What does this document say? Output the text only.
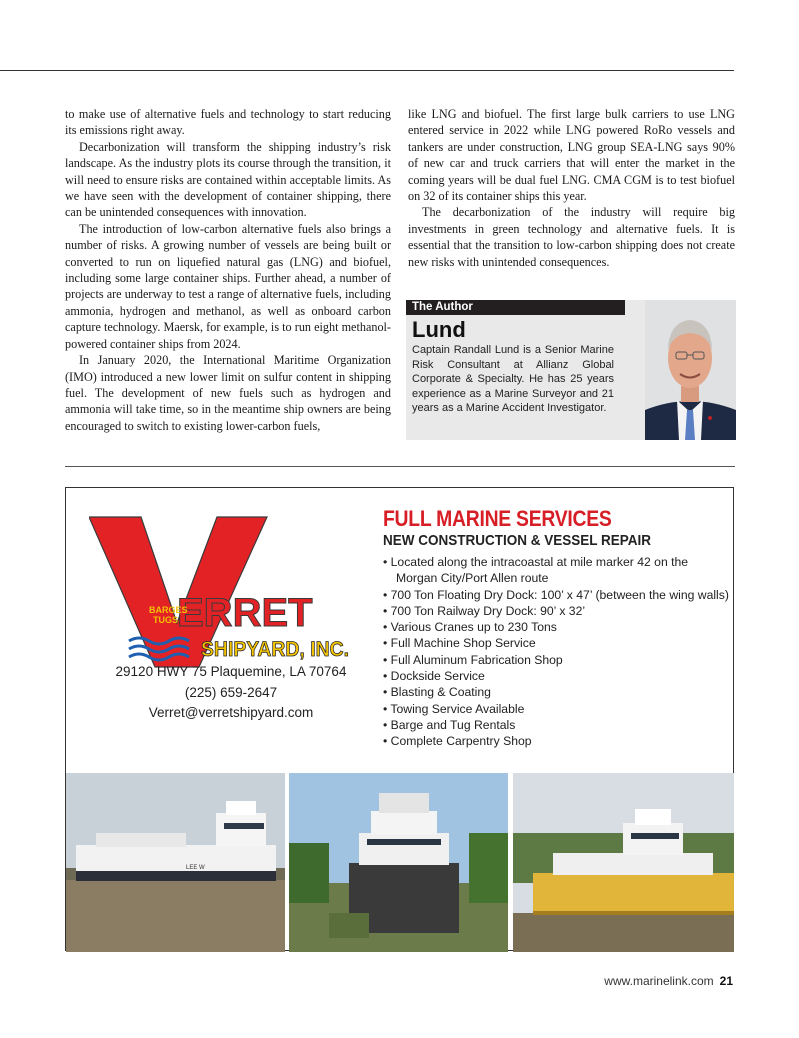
to make use of alternative fuels and technology to start reducing its emissions right away.

Decarbonization will transform the shipping industry’s risk landscape. As the industry plots its course through the transition, it will need to ensure risks are contained within acceptable limits. As we have seen with the development of container shipping, there can be unintended consequences with innovation.

The introduction of low-carbon alternative fuels also brings a number of risks. A growing number of vessels are being built or converted to run on liquefied natural gas (LNG) and biofuel, including some large container ships. Further ahead, a number of projects are underway to test a range of alternative fuels, including ammonia, hydrogen and methanol, as well as onboard carbon capture technology. Maersk, for example, is to run eight methanol-powered container ships from 2024.

In January 2020, the International Maritime Organization (IMO) introduced a new lower limit on sulfur content in shipping fuel. The development of new fuels such as hydrogen and ammonia will take time, so in the meantime ship owners are being encouraged to switch to existing lower-carbon fuels,

like LNG and biofuel. The first large bulk carriers to use LNG entered service in 2022 while LNG powered RoRo vessels and tankers are under construction, LNG group SEA-LNG says 90% of new car and truck carriers that will enter the market in the coming years will be dual fuel LNG. CMA CGM is to test biofuel on 32 of its container ships this year.

The decarbonization of the industry will require big investments in green technology and alternative fuels. It is essential that the transition to low-carbon shipping does not create new risks with unintended consequences.

The Author
Lund
Captain Randall Lund is a Senior Marine Risk Consultant at Allianz Global Corporate & Specialty. He has 25 years experience as a Marine Surveyor and 21 years as a Marine Accident Investigator.
ERRET
BARGES
TUGS
SHIPYARD, INC.
29120 HWY 75 Plaquemine, LA 70764
(225) 659-2647
Verret@verretshipyard.com
FULL MARINE SERVICES
NEW CONSTRUCTION & VESSEL REPAIR
• Located along the intracoastal at mile marker 42 on the
Morgan City/Port Allen route
• 700 Ton Floating Dry Dock: 100’ x 47’ (between the wing walls)
• 700 Ton Railway Dry Dock: 90’ x 32’
• Various Cranes up to 230 Tons
• Full Machine Shop Service
• Full Aluminum Fabrication Shop
• Dockside Service
• Blasting & Coating
• Towing Service Available
• Barge and Tug Rentals
• Complete Carpentry Shop
LEE W
www.marinelink.com 21
